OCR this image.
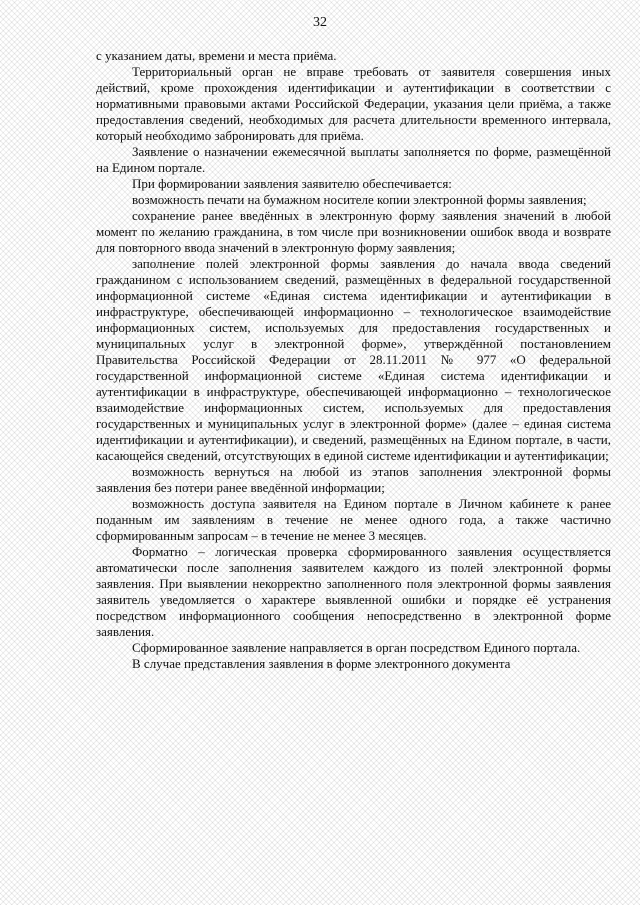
32

с указанием даты, времени и места приёма.

Территориальный орган не вправе требовать от заявителя совершения иных действий, кроме прохождения идентификации и аутентификации в соответствии с нормативными правовыми актами Российской Федерации, указания цели приёма, а также предоставления сведений, необходимых для расчета длительности временного интервала, который необходимо забронировать для приёма.

Заявление о назначении ежемесячной выплаты заполняется по форме, размещённой на Едином портале.

При формировании заявления заявителю обеспечивается:

возможность печати на бумажном носителе копии электронной формы заявления;

сохранение ранее введённых в электронную форму заявления значений в любой момент по желанию гражданина, в том числе при возникновении ошибок ввода и возврате для повторного ввода значений в электронную форму заявления;

заполнение полей электронной формы заявления до начала ввода сведений гражданином с использованием сведений, размещённых в федеральной государственной информационной системе «Единая система идентификации и аутентификации в инфраструктуре, обеспечивающей информационно – технологическое взаимодействие информационных систем, используемых для предоставления государственных и муниципальных услуг в электронной форме», утверждённой постановлением Правительства Российской Федерации от 28.11.2011 № 977 «О федеральной государственной информационной системе «Единая система идентификации и аутентификации в инфраструктуре, обеспечивающей информационно – технологическое взаимодействие информационных систем, используемых для предоставления государственных и муниципальных услуг в электронной форме» (далее – единая система идентификации и аутентификации), и сведений, размещённых на Едином портале, в части, касающейся сведений, отсутствующих в единой системе идентификации и аутентификации;

возможность вернуться на любой из этапов заполнения электронной формы заявления без потери ранее введённой информации;

возможность доступа заявителя на Едином портале в Личном кабинете к ранее поданным им заявлениям в течение не менее одного года, а также частично сформированным запросам – в течение не менее 3 месяцев.

Форматно – логическая проверка сформированного заявления осуществляется автоматически после заполнения заявителем каждого из полей электронной формы заявления. При выявлении некорректно заполненного поля электронной формы заявления заявитель уведомляется о характере выявленной ошибки и порядке её устранения посредством информационного сообщения непосредственно в электронной форме заявления.

Сформированное заявление направляется в орган посредством Единого портала.

В случае представления заявления в форме электронного документа
